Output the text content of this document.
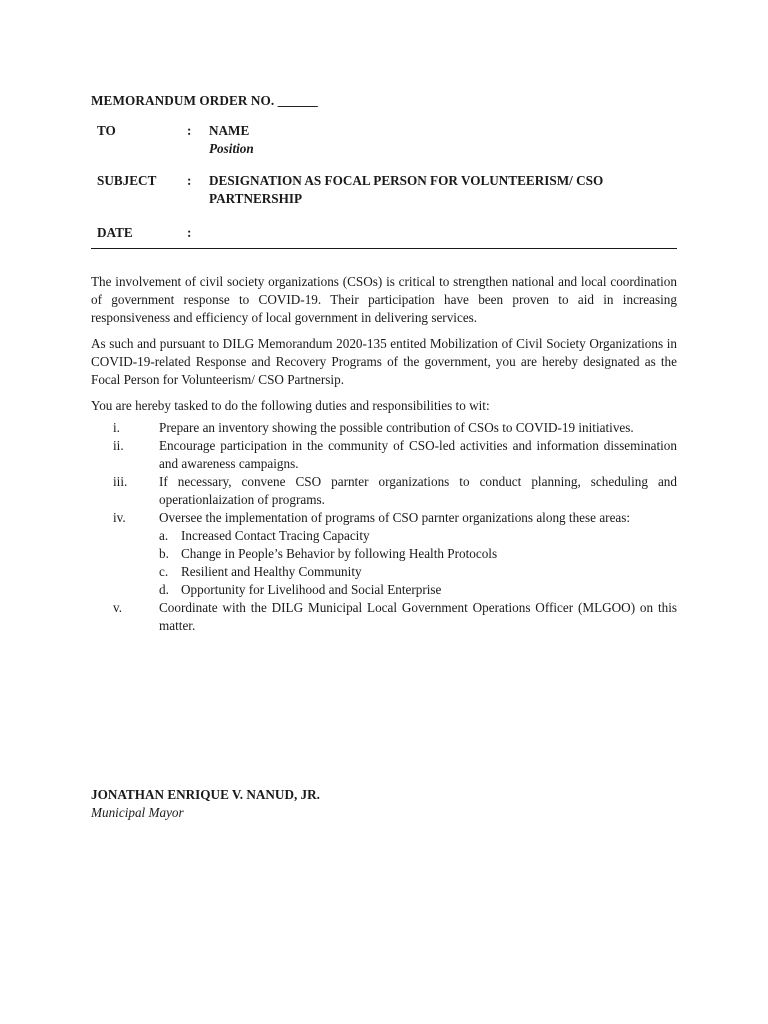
MEMORANDUM ORDER NO. ______
TO	:	NAME
Position
SUBJECT	:	DESIGNATION AS FOCAL PERSON FOR VOLUNTEERISM/ CSO PARTNERSHIP
DATE	:

The involvement of civil society organizations (CSOs) is critical to strengthen national and local coordination of government response to COVID-19. Their participation have been proven to aid in increasing responsiveness and efficiency of local government in delivering services.

As such and pursuant to DILG Memorandum 2020-135 entited Mobilization of Civil Society Organizations in COVID-19-related Response and Recovery Programs of the government, you are hereby designated as the Focal Person for Volunteerism/ CSO Partnersip.

You are hereby tasked to do the following duties and responsibilities to wit:

i.	Prepare an inventory showing the possible contribution of CSOs to COVID-19 initiatives.
ii.	Encourage participation in the community of CSO-led activities and information dissemination and awareness campaigns.
iii.	If necessary, convene CSO parnter organizations to conduct planning, scheduling and operationlaization of programs.
iv.	Oversee the implementation of programs of CSO parnter organizations along these areas:
a. Increased Contact Tracing Capacity
b. Change in People’s Behavior by following Health Protocols
c. Resilient and Healthy Community
d. Opportunity for Livelihood and Social Enterprise
v.	Coordinate with the DILG Municipal Local Government Operations Officer (MLGOO) on this matter.
JONATHAN ENRIQUE V. NANUD, JR.
Municipal Mayor
